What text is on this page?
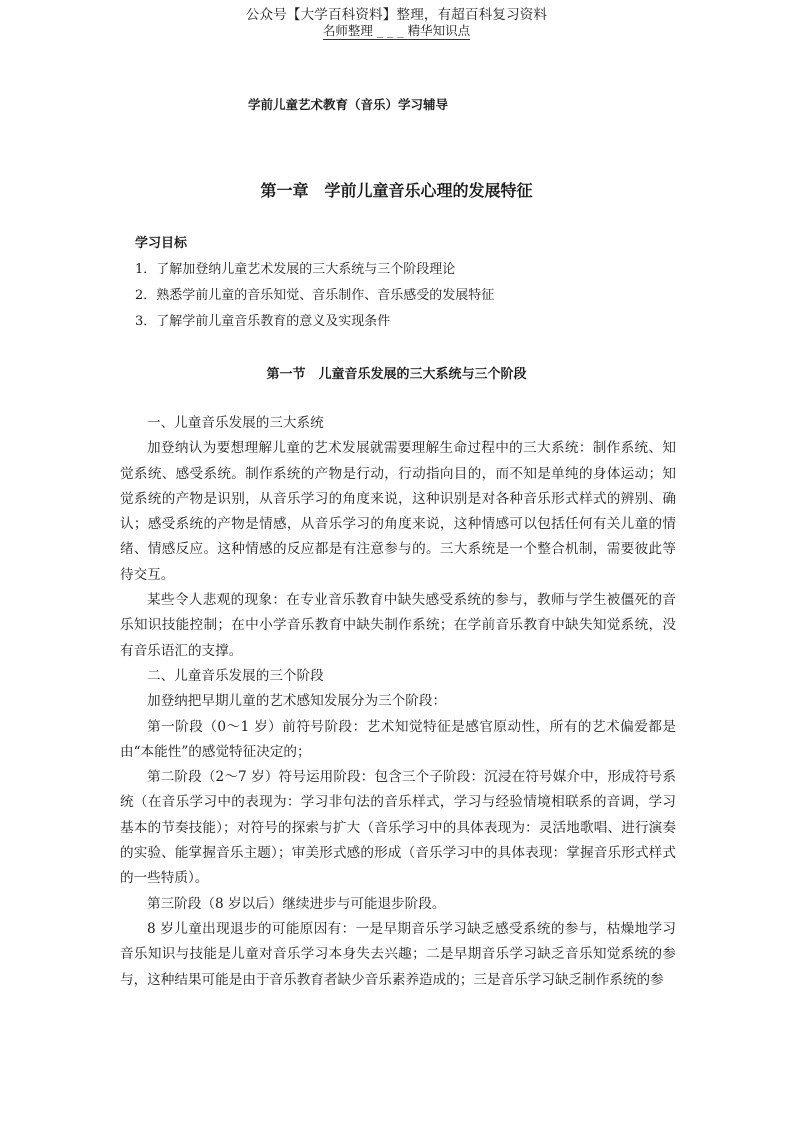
公众号【大学百科资料】整理，有超百科复习资料
名师整理 _ _ _ 精华知识点
学前儿童艺术教育（音乐）学习辅导
第一章　学前儿童音乐心理的发展特征
学习目标
1．了解加登纳儿童艺术发展的三大系统与三个阶段理论
2．熟悉学前儿童的音乐知觉、音乐制作、音乐感受的发展特征
3．了解学前儿童音乐教育的意义及实现条件
第一节　儿童音乐发展的三大系统与三个阶段

一、儿童音乐发展的三大系统

加登纳认为要想理解儿童的艺术发展就需要理解生命过程中的三大系统：制作系统、知觉系统、感受系统。制作系统的产物是行动，行动指向目的，而不知是单纯的身体运动；知觉系统的产物是识别，从音乐学习的角度来说，这种识别是对各种音乐形式样式的辨别、确认；感受系统的产物是情感，从音乐学习的角度来说，这种情感可以包括任何有关儿童的情绪、情感反应。这种情感的反应都是有注意参与的。三大系统是一个整合机制，需要彼此等待交互。

某些令人悲观的现象：在专业音乐教育中缺失感受系统的参与，教师与学生被僵死的音乐知识技能控制；在中小学音乐教育中缺失制作系统；在学前音乐教育中缺失知觉系统，没有音乐语汇的支撑。

二、儿童音乐发展的三个阶段

加登纳把早期儿童的艺术感知发展分为三个阶段：

第一阶段（0～1 岁）前符号阶段：艺术知觉特征是感官原动性，所有的艺术偏爱都是由“本能性”的感觉特征决定的；

第二阶段（2～7 岁）符号运用阶段：包含三个子阶段：沉浸在符号媒介中，形成符号系统（在音乐学习中的表现为：学习非句法的音乐样式，学习与经验情境相联系的音调，学习基本的节奏技能）；对符号的探索与扩大（音乐学习中的具体表现为：灵活地歌唱、进行演奏的实验、能掌握音乐主题）；审美形式感的形成（音乐学习中的具体表现：掌握音乐形式样式的一些特质）。

第三阶段（8 岁以后）继续进步与可能退步阶段。

8 岁儿童出现退步的可能原因有：一是早期音乐学习缺乏感受系统的参与，枯燥地学习音乐知识与技能是儿童对音乐学习本身失去兴趣；二是早期音乐学习缺乏音乐知觉系统的参与，这种结果可能是由于音乐教育者缺少音乐素养造成的；三是音乐学习缺乏制作系统的参
